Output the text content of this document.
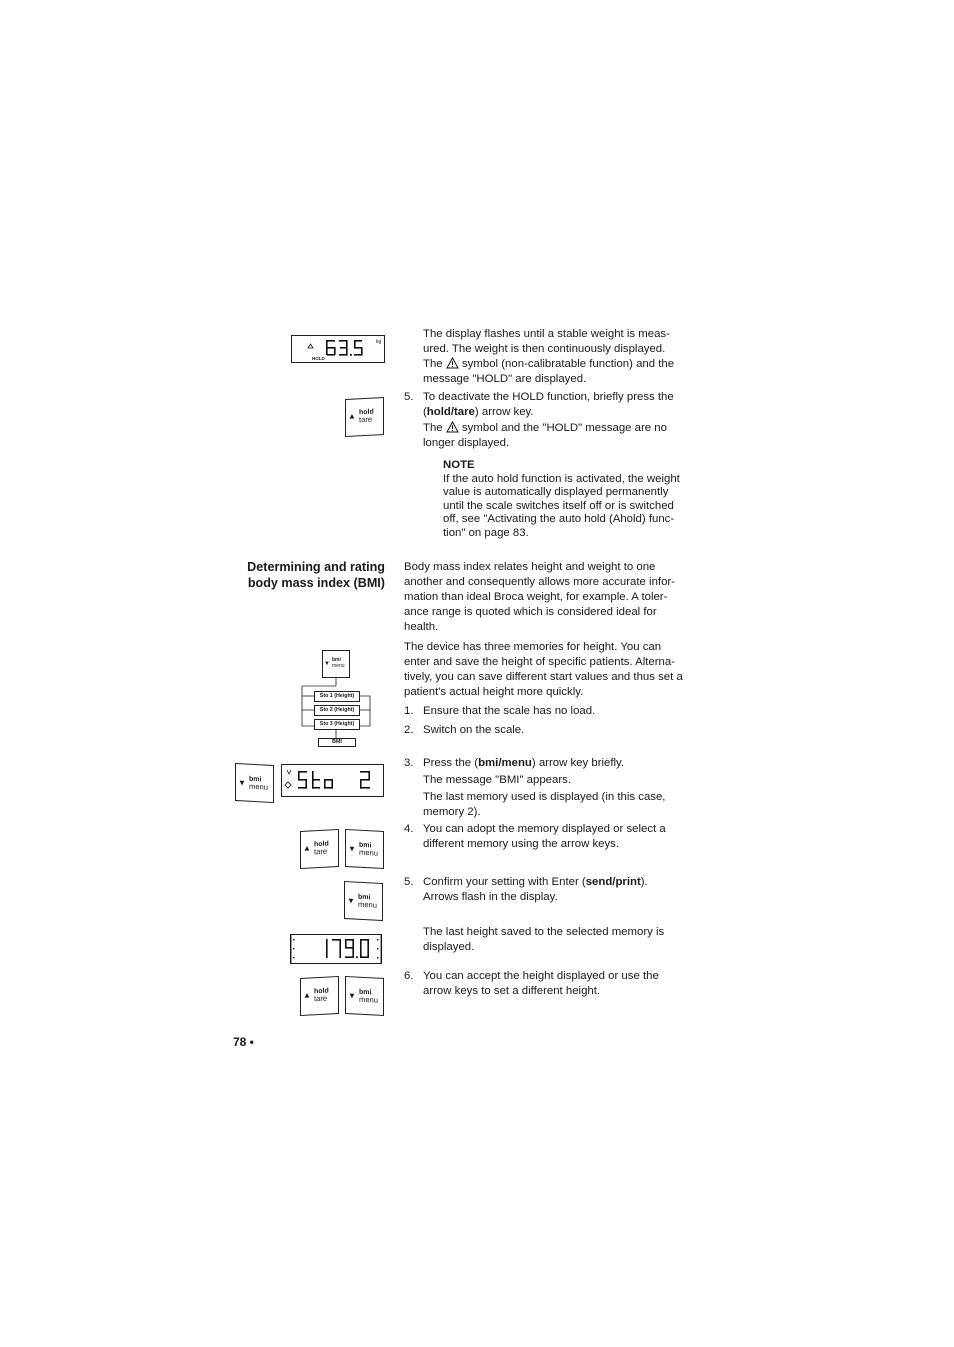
kg
HOLD

The display flashes until a stable weight is meas-

ured. The weight is then continuously displayed.

The symbol (non-calibratable function) and the

message "HOLD" are displayed.

▲ hold
tare
5. To deactivate the HOLD function, briefly press the

(hold/tare) arrow key.

The symbol and the "HOLD" message are no

longer displayed.

NOTE

If the auto hold function is activated, the weight

value is automatically displayed permanently

until the scale switches itself off or is switched

off, see "Activating the auto hold (Ahold) func-

tion" on page 83.

Determining and rating
body mass index (BMI)

Body mass index relates height and weight to one

another and consequently allows more accurate infor-

mation than ideal Broca weight, for example. A toler-

ance range is quoted which is considered ideal for

health.

The device has three memories for height. You can

enter and save the height of specific patients. Alterna-

tively, you can save different start values and thus set a

patient's actual height more quickly.

▼
bmi
menu
Sto 1 (Height)
Sto 2 (Height)
Sto 3 (Height)
BMI
1. Ensure that the scale has no load.

2. Switch on the scale.

▼ bmi
menu
3. Press the (bmi/menu) arrow key briefly.

The message "BMI" appears.

The last memory used is displayed (in this case,

memory 2).

▲ hold
tare	▼ bmi
menu
4. You can adopt the memory displayed or select a

different memory using the arrow keys.

▼ bmi
menu
5. Confirm your setting with Enter (send/print).

Arrows flash in the display.

The last height saved to the selected memory is

displayed.

▲ hold
tare	▼ bmi
menu
6. You can accept the height displayed or use the

arrow keys to set a different height.

78 •
